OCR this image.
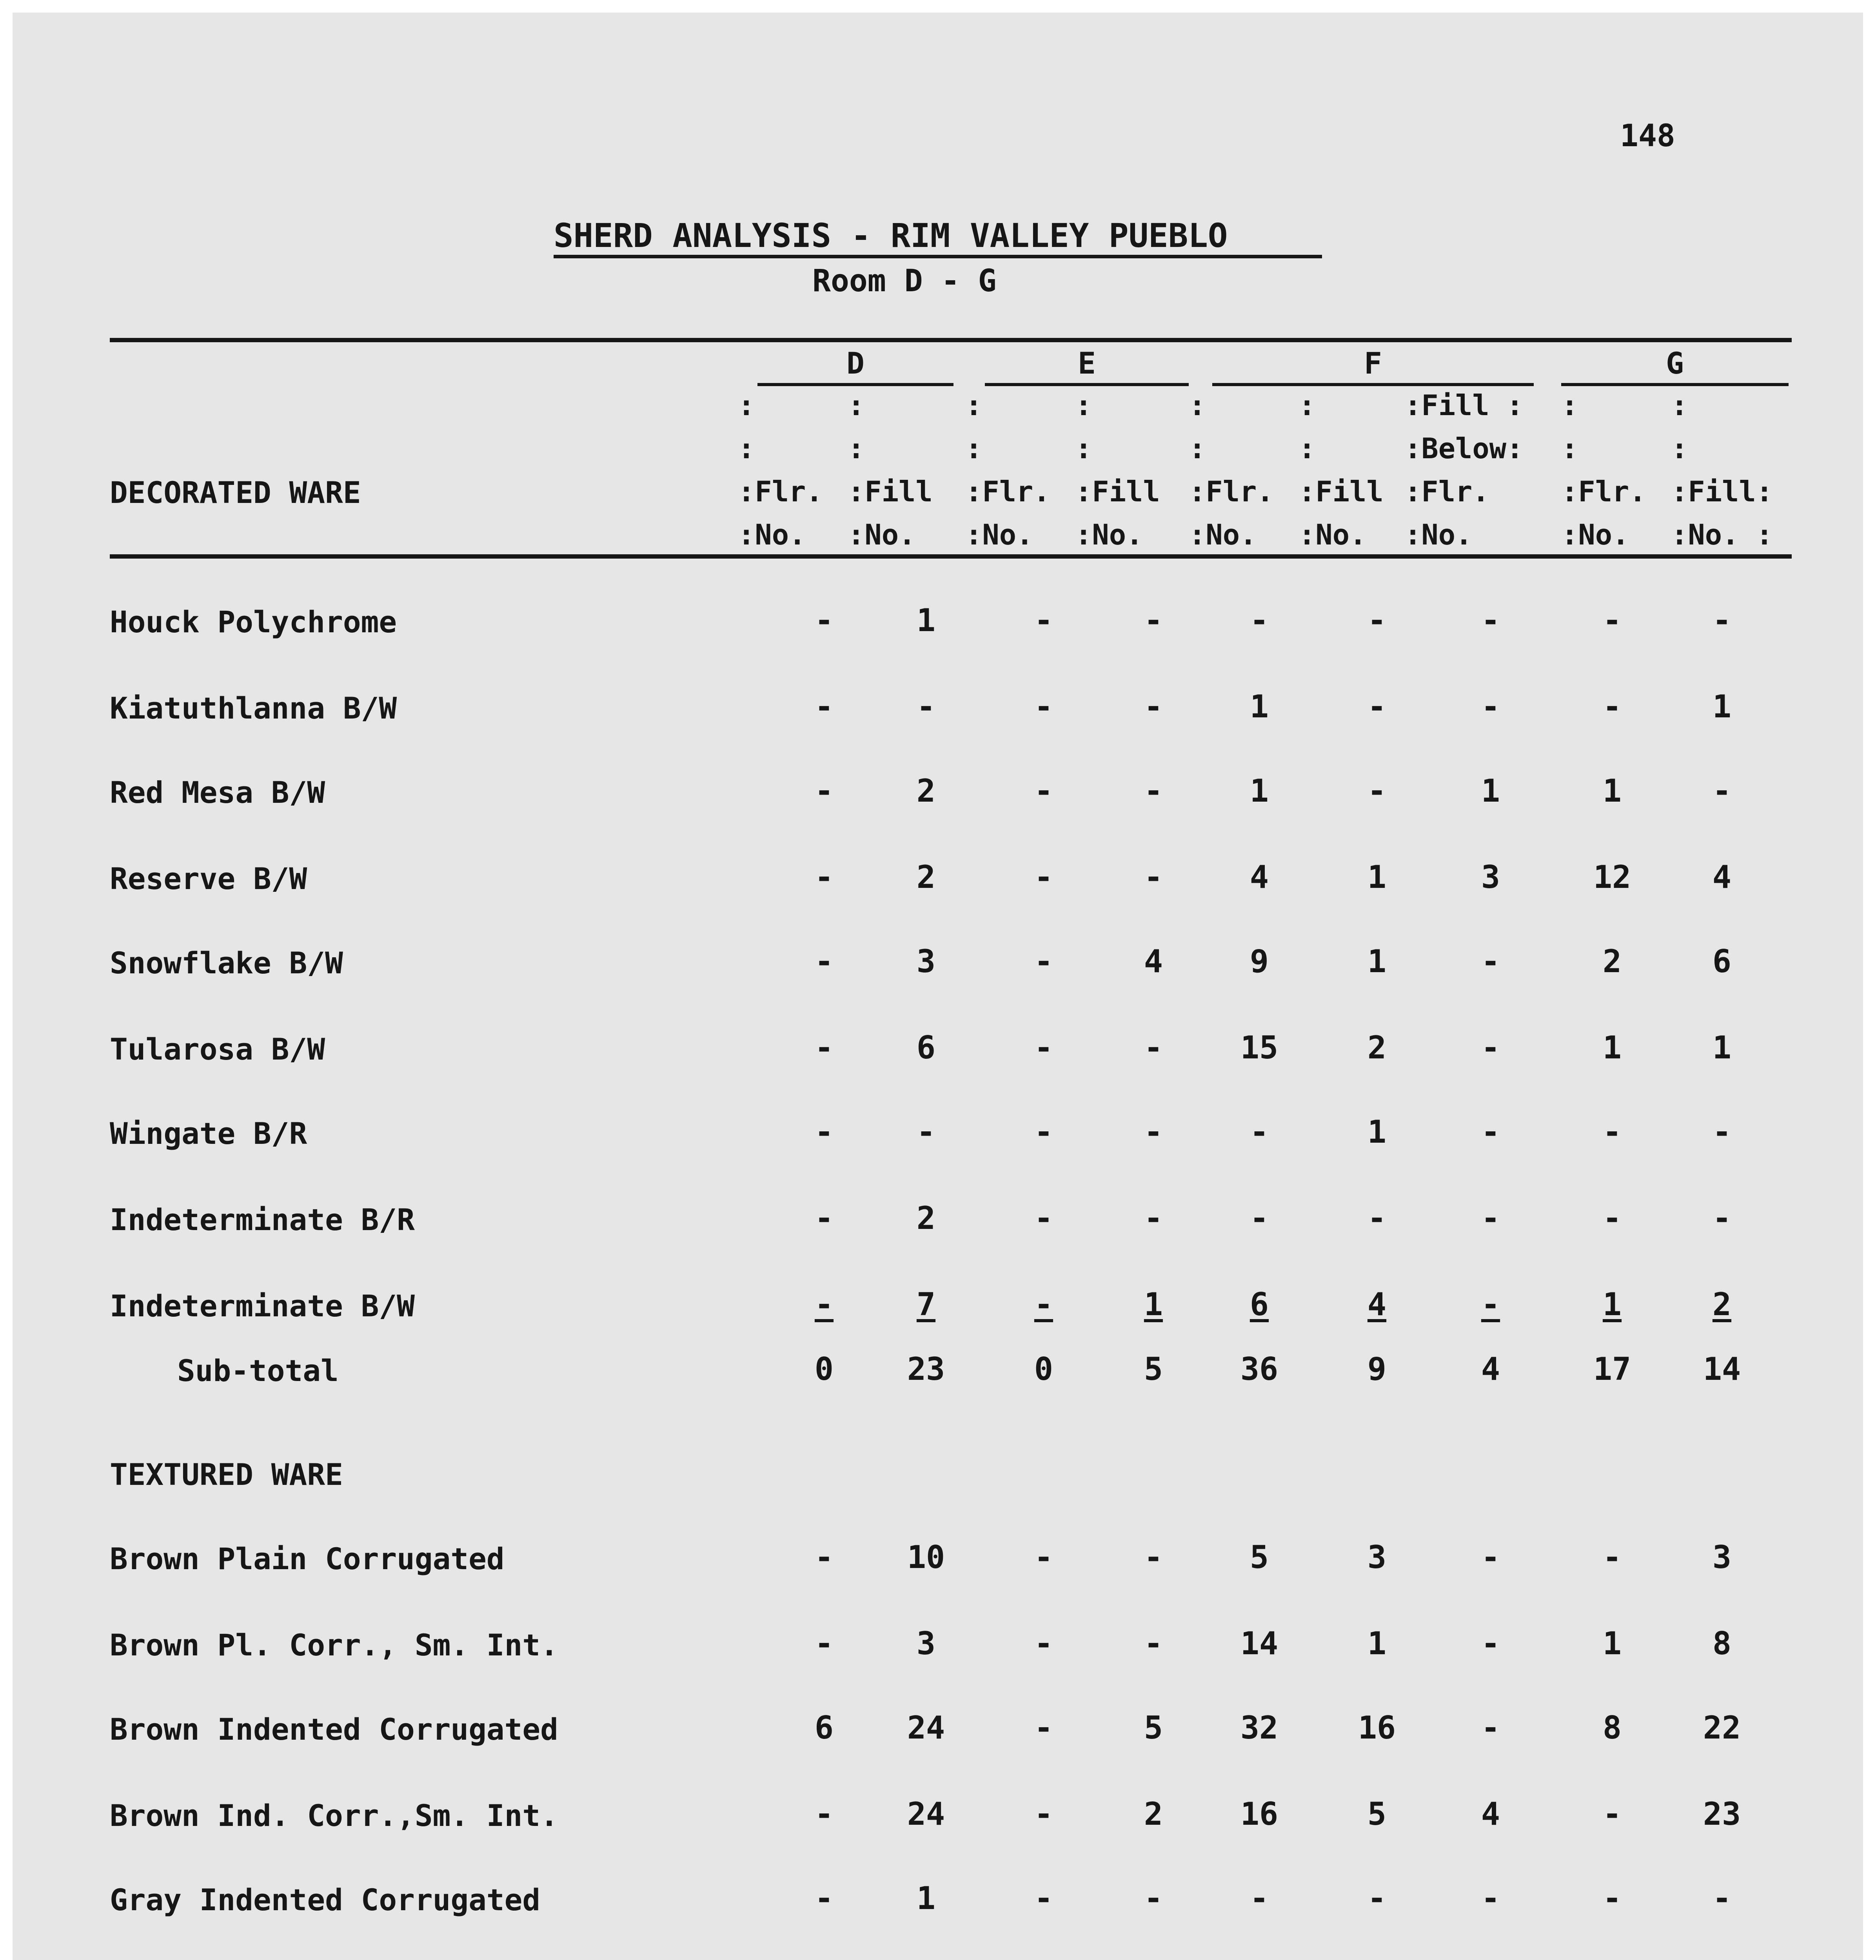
148
SHERD ANALYSIS - RIM VALLEY PUEBLO
Room D - G
D	E	F	G
:	:	:	:	:	:	:Fill : :	:
:	:	:	:	:	:	:Below: :	:
:Flr. :Fill :Flr. :Fill :Flr. :Fill :Flr.	:Flr. :Fill:
:No. :No. :No. :No. :No. :No. :No.	:No. :No. :
DECORATED WARE
Houck Polychrome	-	1	-	-	-	-	-	-	-
Kiatuthlanna B/W	-	-	-	-	1	-	-	-	1
Red Mesa B/W	-	2	-	-	1	-	1	1	-
Reserve B/W	-	2	-	-	4	1	3	12	4
Snowflake B/W	-	3	-	4	9	1	-	2	6
Tularosa B/W	-	6	-	-	15	2	-	1	1
Wingate B/R	-	-	-	-	-	1	-	-	-
Indeterminate B/R	-	2	-	-	-	-	-	-	-
Indeterminate B/W	-	7	-	1	6	4	-	1	2
Sub-total	0	23	0	5	36	9	4	17	14
TEXTURED WARE
Brown Plain Corrugated	-	10	-	-	5	3	-	-	3
Brown Pl. Corr., Sm. Int.	-	3	-	-	14	1	-	1	8
Brown Indented Corrugated	6	24	-	5	32	16	-	8	22
Brown Ind. Corr.,Sm. Int.	-	24	-	2	16	5	4	-	23
Gray Indented Corrugated	-	1	-	-	-	-	-	-	-
